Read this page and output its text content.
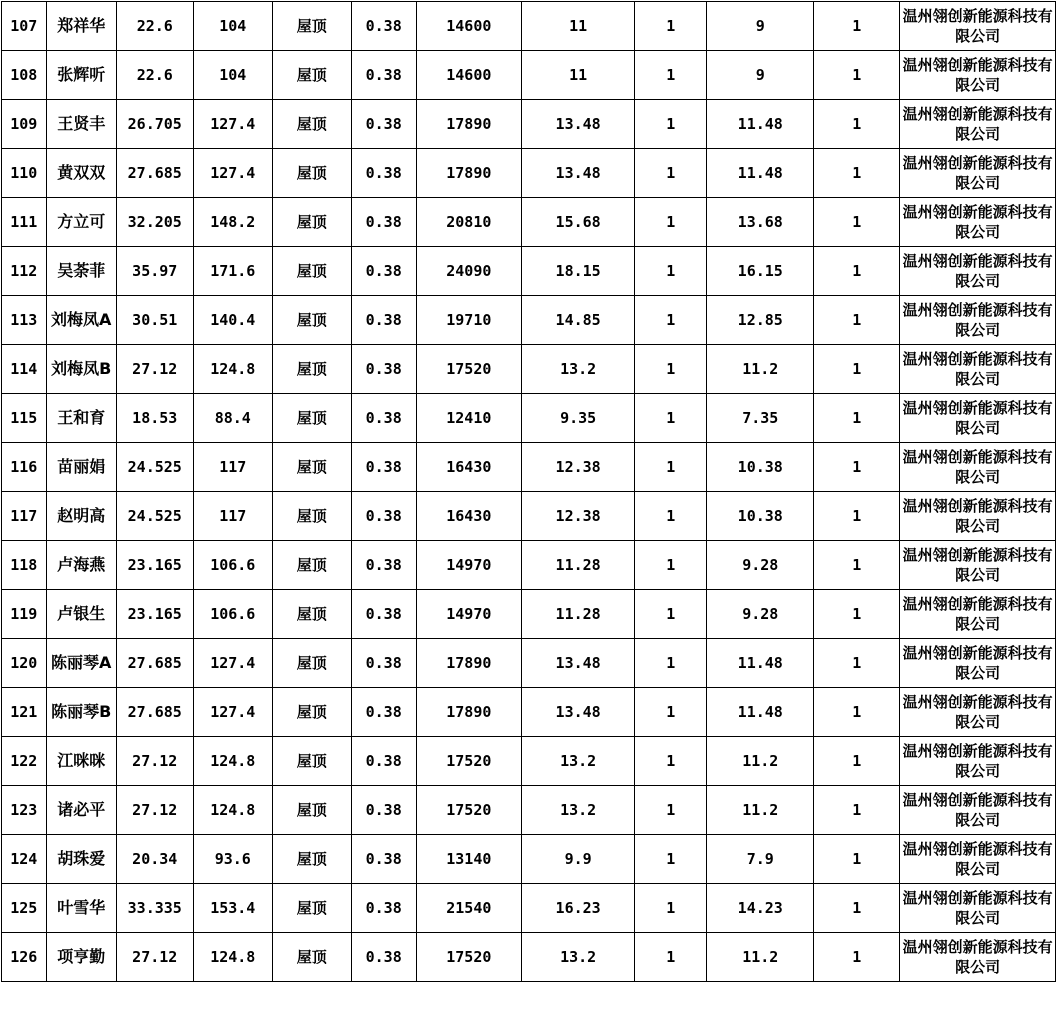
107	郑祥华	22.6	104	屋顶	0.38	14600	11	1	9	1	温州翎创新能源科技有限公司
108	张辉听	22.6	104	屋顶	0.38	14600	11	1	9	1	温州翎创新能源科技有限公司
109	王贤丰	26.705	127.4	屋顶	0.38	17890	13.48	1	11.48	1	温州翎创新能源科技有限公司
110	黄双双	27.685	127.4	屋顶	0.38	17890	13.48	1	11.48	1	温州翎创新能源科技有限公司
111	方立可	32.205	148.2	屋顶	0.38	20810	15.68	1	13.68	1	温州翎创新能源科技有限公司
112	吴荼菲	35.97	171.6	屋顶	0.38	24090	18.15	1	16.15	1	温州翎创新能源科技有限公司
113	刘梅凤A	30.51	140.4	屋顶	0.38	19710	14.85	1	12.85	1	温州翎创新能源科技有限公司
114	刘梅凤B	27.12	124.8	屋顶	0.38	17520	13.2	1	11.2	1	温州翎创新能源科技有限公司
115	王和育	18.53	88.4	屋顶	0.38	12410	9.35	1	7.35	1	温州翎创新能源科技有限公司
116	苗丽娟	24.525	117	屋顶	0.38	16430	12.38	1	10.38	1	温州翎创新能源科技有限公司
117	赵明高	24.525	117	屋顶	0.38	16430	12.38	1	10.38	1	温州翎创新能源科技有限公司
118	卢海燕	23.165	106.6	屋顶	0.38	14970	11.28	1	9.28	1	温州翎创新能源科技有限公司
119	卢银生	23.165	106.6	屋顶	0.38	14970	11.28	1	9.28	1	温州翎创新能源科技有限公司
120	陈丽琴A	27.685	127.4	屋顶	0.38	17890	13.48	1	11.48	1	温州翎创新能源科技有限公司
121	陈丽琴B	27.685	127.4	屋顶	0.38	17890	13.48	1	11.48	1	温州翎创新能源科技有限公司
122	江咪咪	27.12	124.8	屋顶	0.38	17520	13.2	1	11.2	1	温州翎创新能源科技有限公司
123	诸必平	27.12	124.8	屋顶	0.38	17520	13.2	1	11.2	1	温州翎创新能源科技有限公司
124	胡珠爱	20.34	93.6	屋顶	0.38	13140	9.9	1	7.9	1	温州翎创新能源科技有限公司
125	叶雪华	33.335	153.4	屋顶	0.38	21540	16.23	1	14.23	1	温州翎创新能源科技有限公司
126	项亨勤	27.12	124.8	屋顶	0.38	17520	13.2	1	11.2	1	温州翎创新能源科技有限公司
